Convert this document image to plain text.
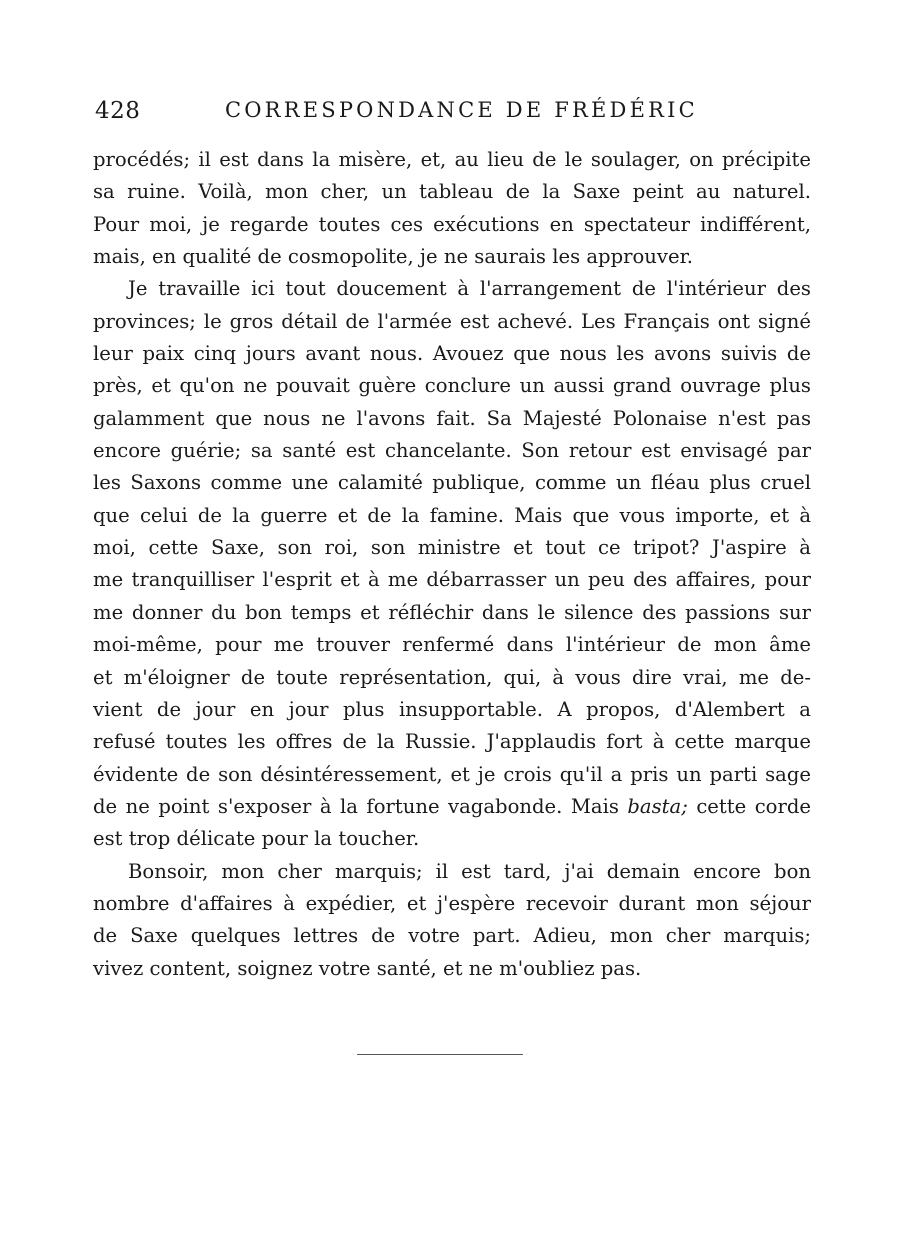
428	CORRESPONDANCE DE FRÉDÉRIC
procédés; il est dans la misère, et, au lieu de le soulager, on précipite
sa ruine. Voilà, mon cher, un tableau de la Saxe peint au naturel.
Pour moi, je regarde toutes ces exécutions en spectateur indifférent,
mais, en qualité de cosmopolite, je ne saurais les approuver.
Je travaille ici tout doucement à l'arrangement de l'intérieur des
provinces; le gros détail de l'armée est achevé. Les Français ont signé
leur paix cinq jours avant nous. Avouez que nous les avons suivis de
près, et qu'on ne pouvait guère conclure un aussi grand ouvrage plus
galamment que nous ne l'avons fait. Sa Majesté Polonaise n'est pas
encore guérie; sa santé est chancelante. Son retour est envisagé par
les Saxons comme une calamité publique, comme un fléau plus cruel
que celui de la guerre et de la famine. Mais que vous importe, et à
moi, cette Saxe, son roi, son ministre et tout ce tripot? J'aspire à
me tranquilliser l'esprit et à me débarrasser un peu des affaires, pour
me donner du bon temps et réfléchir dans le silence des passions sur
moi-même, pour me trouver renfermé dans l'intérieur de mon âme
et m'éloigner de toute représentation, qui, à vous dire vrai, me de-
vient de jour en jour plus insupportable. A propos, d'Alembert a
refusé toutes les offres de la Russie. J'applaudis fort à cette marque
évidente de son désintéressement, et je crois qu'il a pris un parti sage
de ne point s'exposer à la fortune vagabonde. Mais basta; cette corde
est trop délicate pour la toucher.
Bonsoir, mon cher marquis; il est tard, j'ai demain encore bon
nombre d'affaires à expédier, et j'espère recevoir durant mon séjour
de Saxe quelques lettres de votre part. Adieu, mon cher marquis;
vivez content, soignez votre santé, et ne m'oubliez pas.
